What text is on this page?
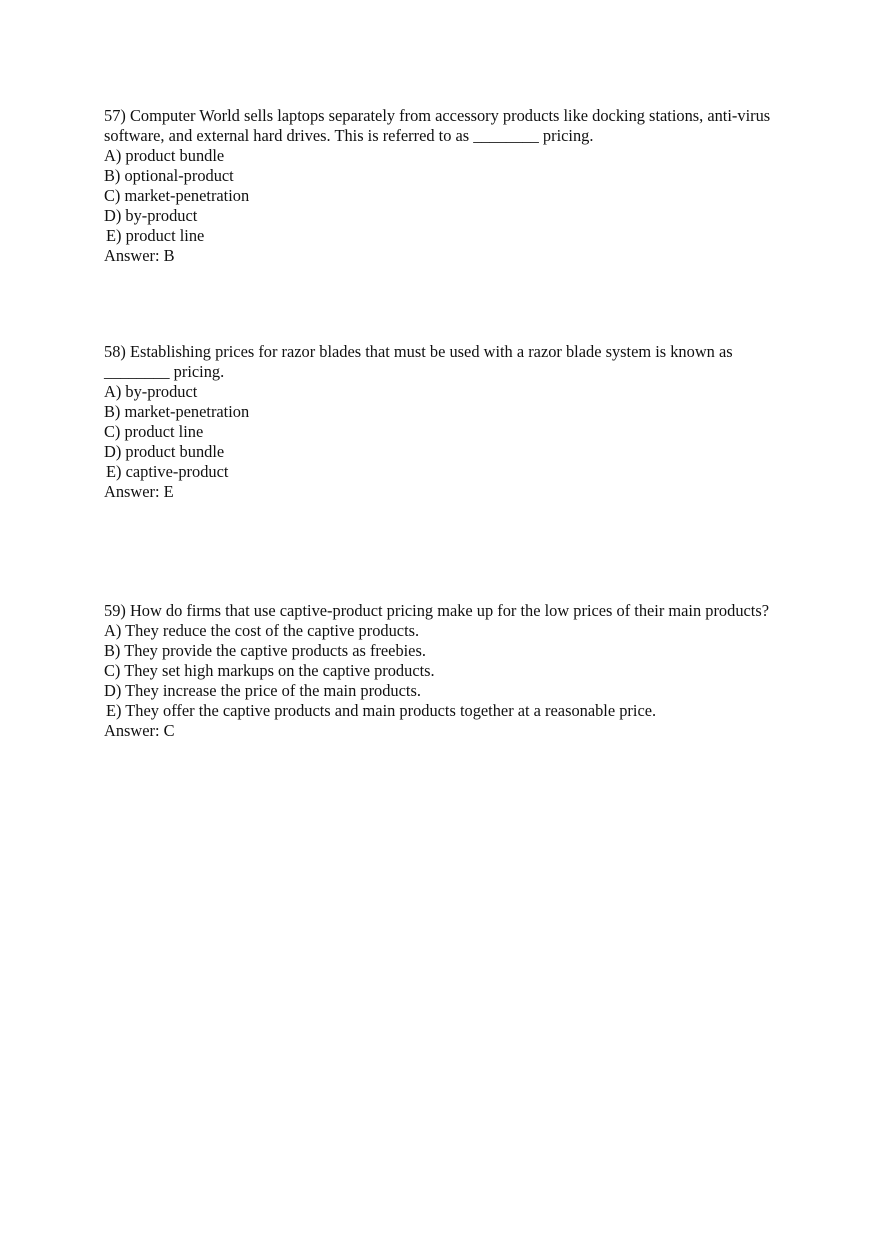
57) Computer World sells laptops separately from accessory products like docking stations, anti-virus software, and external hard drives. This is referred to as ________ pricing.

A) product bundle
B) optional-product
C) market-penetration
D) by-product
E) product line

Answer: B

58) Establishing prices for razor blades that must be used with a razor blade system is known as ________ pricing.

A) by-product
B) market-penetration
C) product line
D) product bundle
E) captive-product

Answer: E

59) How do firms that use captive-product pricing make up for the low prices of their main products?

A) They reduce the cost of the captive products.
B) They provide the captive products as freebies.
C) They set high markups on the captive products.
D) They increase the price of the main products.
E) They offer the captive products and main products together at a reasonable price.

Answer: C
